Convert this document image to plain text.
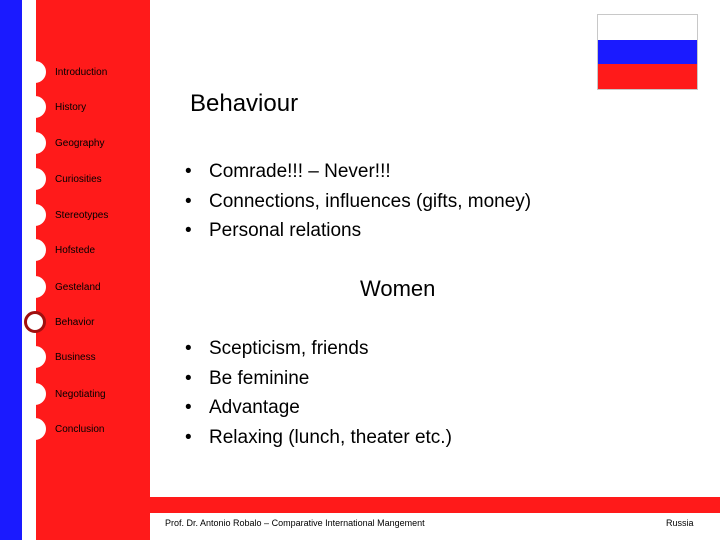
Introduction
History
Geography
Curiosities
Stereotypes
Hofstede
Gesteland
Behavior
Business
Negotiating
Conclusion
Behaviour
• Comrade!!! – Never!!!
• Connections, influences (gifts, money)
• Personal relations
Women
• Scepticism, friends
• Be feminine
• Advantage
• Relaxing (lunch, theater etc.)
Prof. Dr. Antonio Robalo – Comparative International Mangement	Russia
